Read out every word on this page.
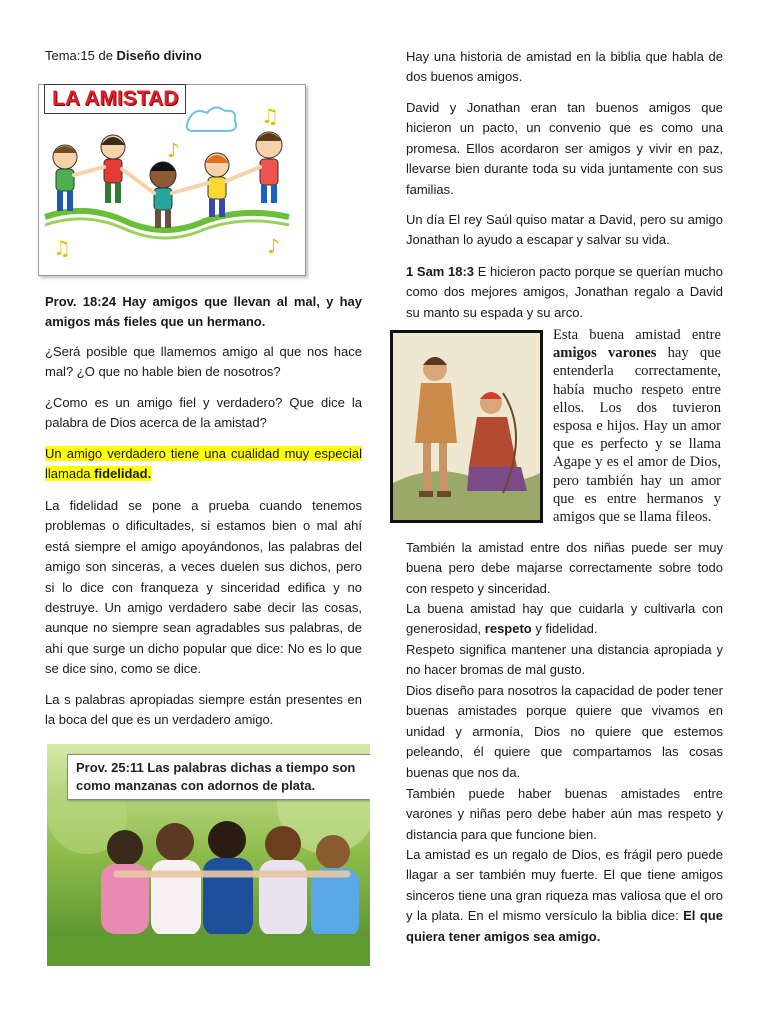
Tema:15 de Diseño divino
♫
♪
♫	♪
LA AMISTAD

Prov. 18:24 Hay amigos que llevan al mal, y hay amigos más fieles que un hermano.

¿Será posible que llamemos amigo al que nos hace mal? ¿O que no hable bien de nosotros?

¿Como es un amigo fiel y verdadero? Que dice la palabra de Dios acerca de la amistad?

Un amigo verdadero tiene una cualidad muy especial llamada fidelidad.

La fidelidad se pone a prueba cuando tenemos problemas o dificultades, si estamos bien o mal ahí está siempre el amigo apoyándonos, las palabras del amigo son sinceras, a veces duelen sus dichos, pero si lo dice con franqueza y sinceridad edifica y no destruye. Un amigo verdadero sabe decir las cosas, aunque no siempre sean agradables sus palabras, de ahí que surge un dicho popular que dice: No es lo que se dice sino, como se dice.

La s palabras apropiadas siempre están presentes en la boca del que es un verdadero amigo.

Prov. 25:11 Las palabras dichas a tiempo son como manzanas con adornos de plata.

Hay una historia de amistad en la biblia que habla de dos buenos amigos.

David y Jonathan eran tan buenos amigos que hicieron un pacto, un convenio que es como una promesa. Ellos acordaron ser amigos y vivir en paz, llevarse bien durante toda su vida juntamente con sus familias.

Un día El rey Saúl quiso matar a David, pero su amigo Jonathan lo ayudo a escapar y salvar su vida.

1 Sam 18:3 E hicieron pacto porque se querían mucho como dos mejores amigos, Jonathan regalo a David su manto su espada y su arco.

Esta buena amistad entre amigos varones hay que entenderla correctamente, había mucho respeto entre ellos. Los dos tuvieron esposa e hijos. Hay un amor que es perfecto y se llama Agape y es el amor de Dios, pero también hay un amor que es entre hermanos y amigos que se llama fileos.

También la amistad entre dos niñas puede ser muy buena pero debe majarse correctamente sobre todo con respeto y sinceridad.

La buena amistad hay que cuidarla y cultivarla con generosidad, respeto y fidelidad.

Respeto significa mantener una distancia apropiada y no hacer bromas de mal gusto.

Dios diseño para nosotros la capacidad de poder tener buenas amistades porque quiere que vivamos en unidad y armonía, Dios no quiere que estemos peleando, él quiere que compartamos las cosas buenas que nos da.

También puede haber buenas amistades entre varones y niñas pero debe haber aún mas respeto y distancia para que funcione bien.

La amistad es un regalo de Dios, es frágil pero puede llagar a ser también muy fuerte. El que tiene amigos sinceros tiene una gran riqueza mas valiosa que el oro y la plata. En el mismo versículo la biblia dice: El que quiera tener amigos sea amigo.
